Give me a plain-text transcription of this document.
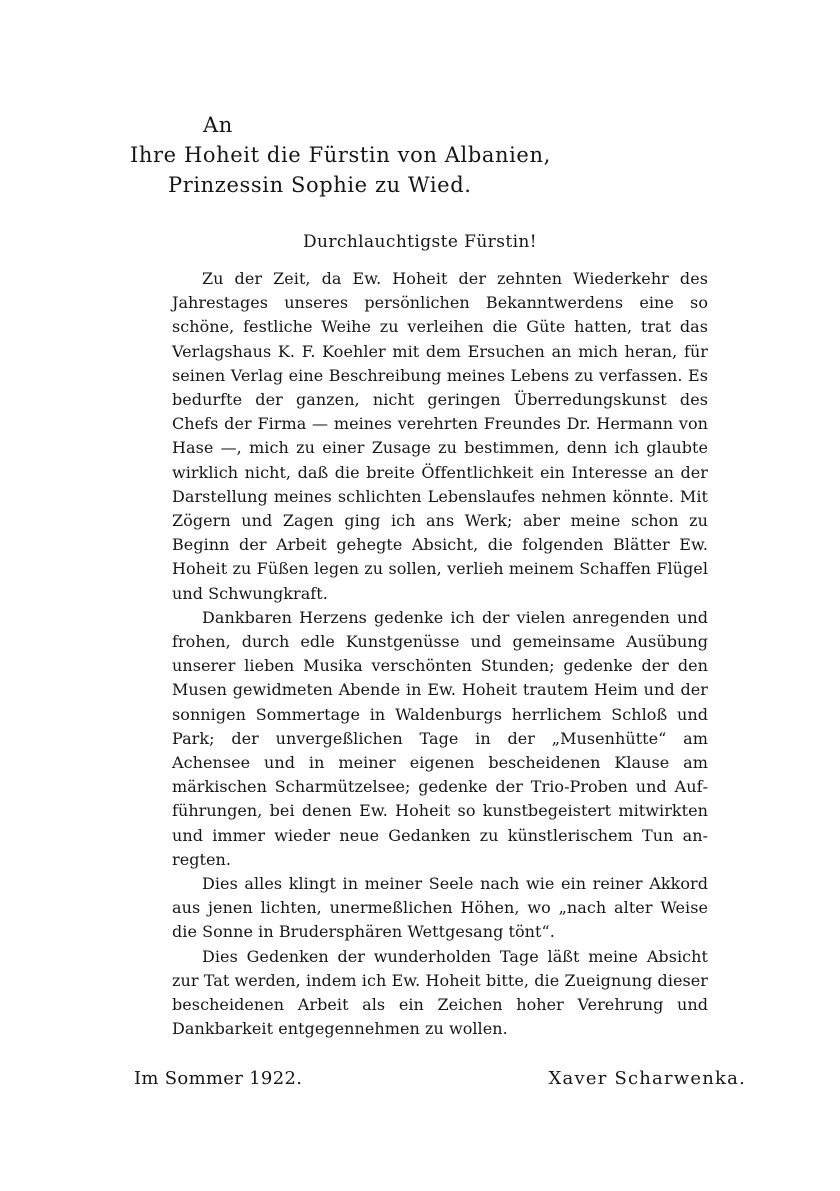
An
Ihre Hoheit die Fürstin von Albanien,
Prinzessin Sophie zu Wied.
Durchlauchtigste Fürstin!

Zu der Zeit, da Ew. Hoheit der zehnten Wiederkehr des Jahrestages unseres persönlichen Bekanntwerdens eine so schöne, festliche Weihe zu verleihen die Güte hatten, trat das Verlagshaus K. F. Koehler mit dem Ersuchen an mich heran, für seinen Verlag eine Beschreibung meines Lebens zu verfassen. Es bedurfte der ganzen, nicht geringen Überredungskunst des Chefs der Firma — meines verehrten Freundes Dr. Hermann von Hase —, mich zu einer Zusage zu bestimmen, denn ich glaubte wirklich nicht, daß die breite Öffentlichkeit ein Interesse an der Darstellung meines schlichten Lebenslaufes nehmen könnte. Mit Zögern und Zagen ging ich ans Werk; aber meine schon zu Beginn der Arbeit gehegte Absicht, die folgenden Blätter Ew. Hoheit zu Füßen legen zu sollen, verlieh meinem Schaffen Flügel und Schwungkraft.

Dankbaren Herzens gedenke ich der vielen anregenden und frohen, durch edle Kunstgenüsse und gemeinsame Ausübung unserer lieben Musika verschönten Stunden; gedenke der den Musen gewidmeten Abende in Ew. Hoheit trautem Heim und der sonnigen Sommertage in Waldenburgs herrlichem Schloß und Park; der unvergeßlichen Tage in der „Musenhütte“ am Achensee und in meiner eigenen bescheidenen Klause am märkischen Scharmützelsee; gedenke der Trio-Proben und Aufführungen, bei denen Ew. Hoheit so kunstbegeistert mitwirkten und immer wieder neue Gedanken zu künstlerischem Tun anregten.

Dies alles klingt in meiner Seele nach wie ein reiner Akkord aus jenen lichten, unermeßlichen Höhen, wo „nach alter Weise die Sonne in Brudersphären Wettgesang tönt“.

Dies Gedenken der wunderholden Tage läßt meine Absicht zur Tat werden, indem ich Ew. Hoheit bitte, die Zueignung dieser bescheidenen Arbeit als ein Zeichen hoher Verehrung und Dankbarkeit entgegennehmen zu wollen.

Im Sommer 1922.	Xaver Scharwenka.
